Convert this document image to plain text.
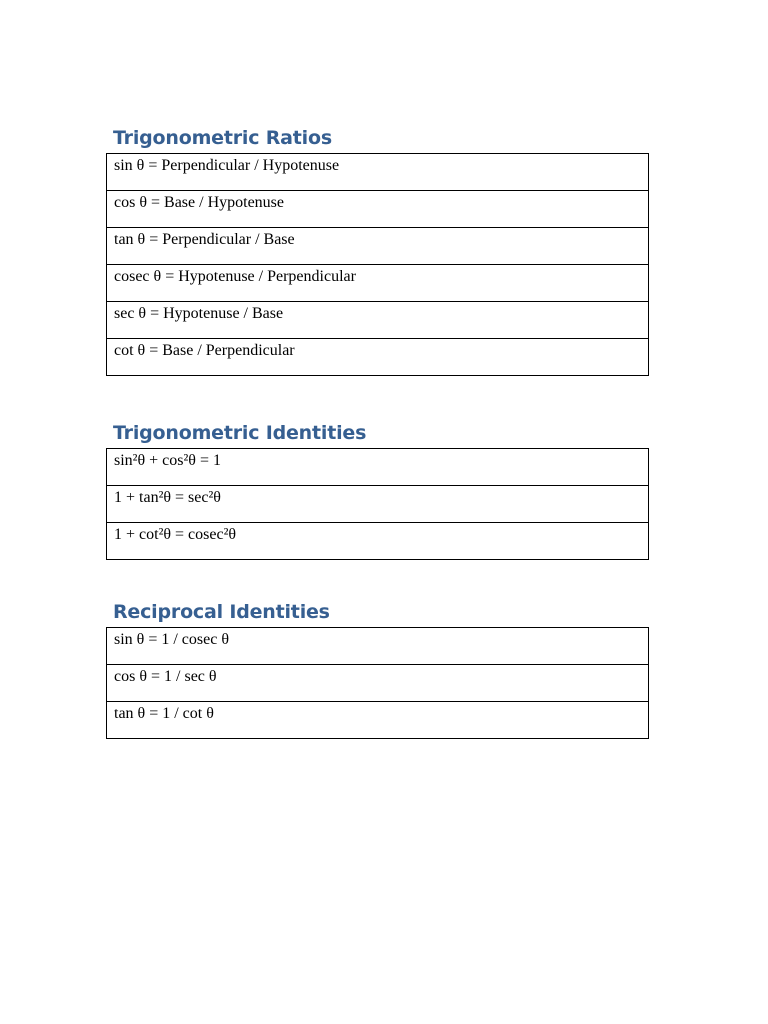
Trigonometric Ratios
sin θ = Perpendicular / Hypotenuse

cos θ = Base / Hypotenuse

tan θ = Perpendicular / Base

cosec θ = Hypotenuse / Perpendicular

sec θ = Hypotenuse / Base

cot θ = Base / Perpendicular
Trigonometric Identities
sin²θ + cos²θ = 1

1 + tan²θ = sec²θ

1 + cot²θ = cosec²θ
Reciprocal Identities
sin θ = 1 / cosec θ

cos θ = 1 / sec θ

tan θ = 1 / cot θ
